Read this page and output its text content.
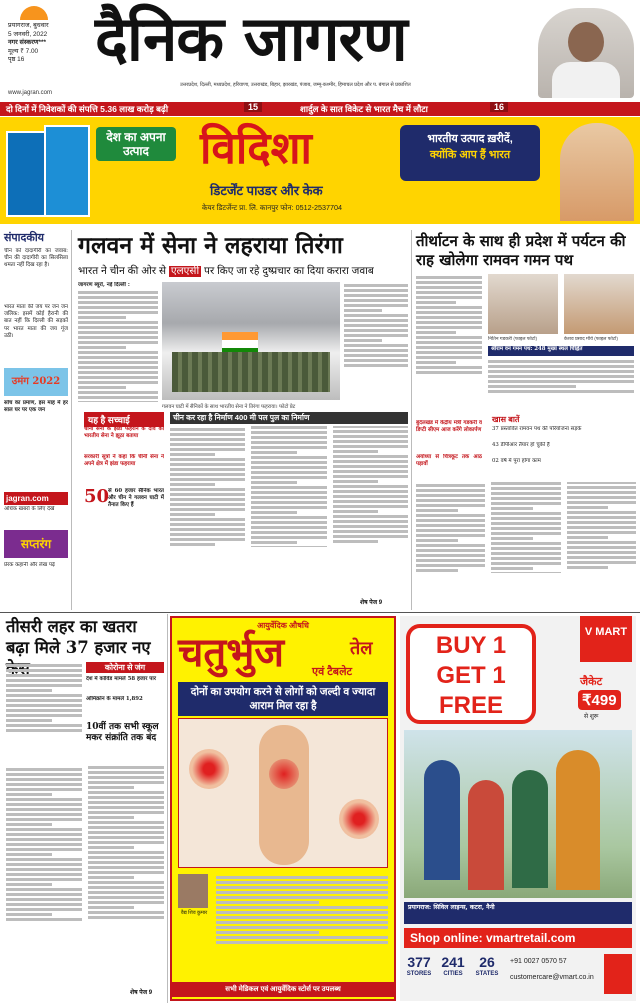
प्रयागराज, बुधवार
5 जनवरी, 2022
नगर संस्करण***
मूल्य ₹ 7.00
पृष्ठ 16	दैनिक जागरण
उत्तरप्रदेश, दिल्ली, मध्यप्रदेश, हरियाणा, उत्तराखंड, बिहार, झारखंड, पंजाब, जम्मू-कश्मीर, हिमाचल प्रदेश और प. बंगाल से प्रकाशित
www.jagran.com
दो दिनों में निवेशकों की संपत्ति 5.36 लाख करोड़ बढ़ी	15	शार्दुल के सात विकेट से भारत मैच में लौटा	16
देश का अपना उत्पाद	विदिशा
डिटर्जेंट पाउडर और केक
केयर डिटर्जेन्ट प्रा. लि. कानपुर फोन: 0512-2537704
भारतीय उत्पाद ख़रीदें,
क्योंकि आप हैं भारत
संपादकीय
चीन को दादागीरी का जवाब: चीन की दादागीरी का सिलसिला थमता नहीं दिख रहा है।
भारत माता की जय पर जन जन जलिक: इसमें कोई हैरानी की बात नहीं कि दिल्ली की सड़कों पर भारत माता की जय गूंज उठी।
उमंग 2022
सोच का प्रमाण, इस माह में हर साल घर पर एक जन
jagran.com
अधिक खबरों के लिए देखें
सप्तरंग
प्रेरक कहानी और लेख पढ़ें
गलवन में सेना ने लहराया तिरंगा
भारत ने चीन की ओर से एलएसी पर किए जा रहे दुष्प्रचार का दिया करारा जवाब
जागरण ब्यूरो, नई दिल्ली :
गलवन घाटी में सैनिकों के साथ भारतीय सेना ने तिरंगा फहराया। फोटो प्रेट
यह है सच्चाई
चीनी सेना के झंडा फहराने के दावे को भारतीय सेना ने झूठा बताया
सरकारी सूत्रों ने कहा कि चीनी सेना ने अपने क्षेत्र में झंडा फहराया
50
से 60 हजार सैनिक भारत और चीन ने गलवन घाटी में तैनात किए हैं
चीन कर रहा है निर्माण 400 मी पल पुल का निर्माण
शेष पेज 9
तीर्थाटन के साथ ही प्रदेश में पर्यटन की राह खोलेगा रामवन गमन पथ
नितिन गडकरी (फाइल फोटो)	केशव प्रसाद मौर्य (फाइल फोटो)
श्रीराम वन गमन पथ: 248 मुख्य स्थल चिह्नित
बुंदेलखंड में केंद्रीय मंत्री गडकरी व डिप्टी सीएम आज करेंगे लोकार्पण
अयोध्या से चित्रकूट तक आठ पड़ावों
खास बातें
37 प्रस्तावित रामवन पथ की परियोजना सड़कें
43 डीपीआर तैयार हो चुकी हैं
02 वर्ष में पूरा होगा काम
तीसरी लहर का खतरा बढ़ा मिले 37 हजार नए
कोरोना से जंग
देश में कोविड मामले 58 हजार पार
ओमिक्रोन के मामले 1,892
10वीं तक सभी स्कूल मकर संक्रांति तक बंद
शेष पेज 9
आयुर्वेदिक औषधि
चतुर्भुज	तेल
एवं टैबलेट
दोनों का उपयोग करने से लोगों को जल्दी व ज्यादा आराम मिल रहा है
वैद्य शिव कुमार
सभी मेडिकल एवं आयुर्वेदिक स्टोर्स पर उपलब्ध
BUY 1
GET 1
FREE
V MART
जैकेट
₹499
से शुरू
प्रयागराज: सिविल लाइन्स, कटरा, नैनी
Shop online: vmartretail.com
377
STORES
241
CITIES
26
STATES
+91 0027 0570 57
customercare@vmart.co.in
